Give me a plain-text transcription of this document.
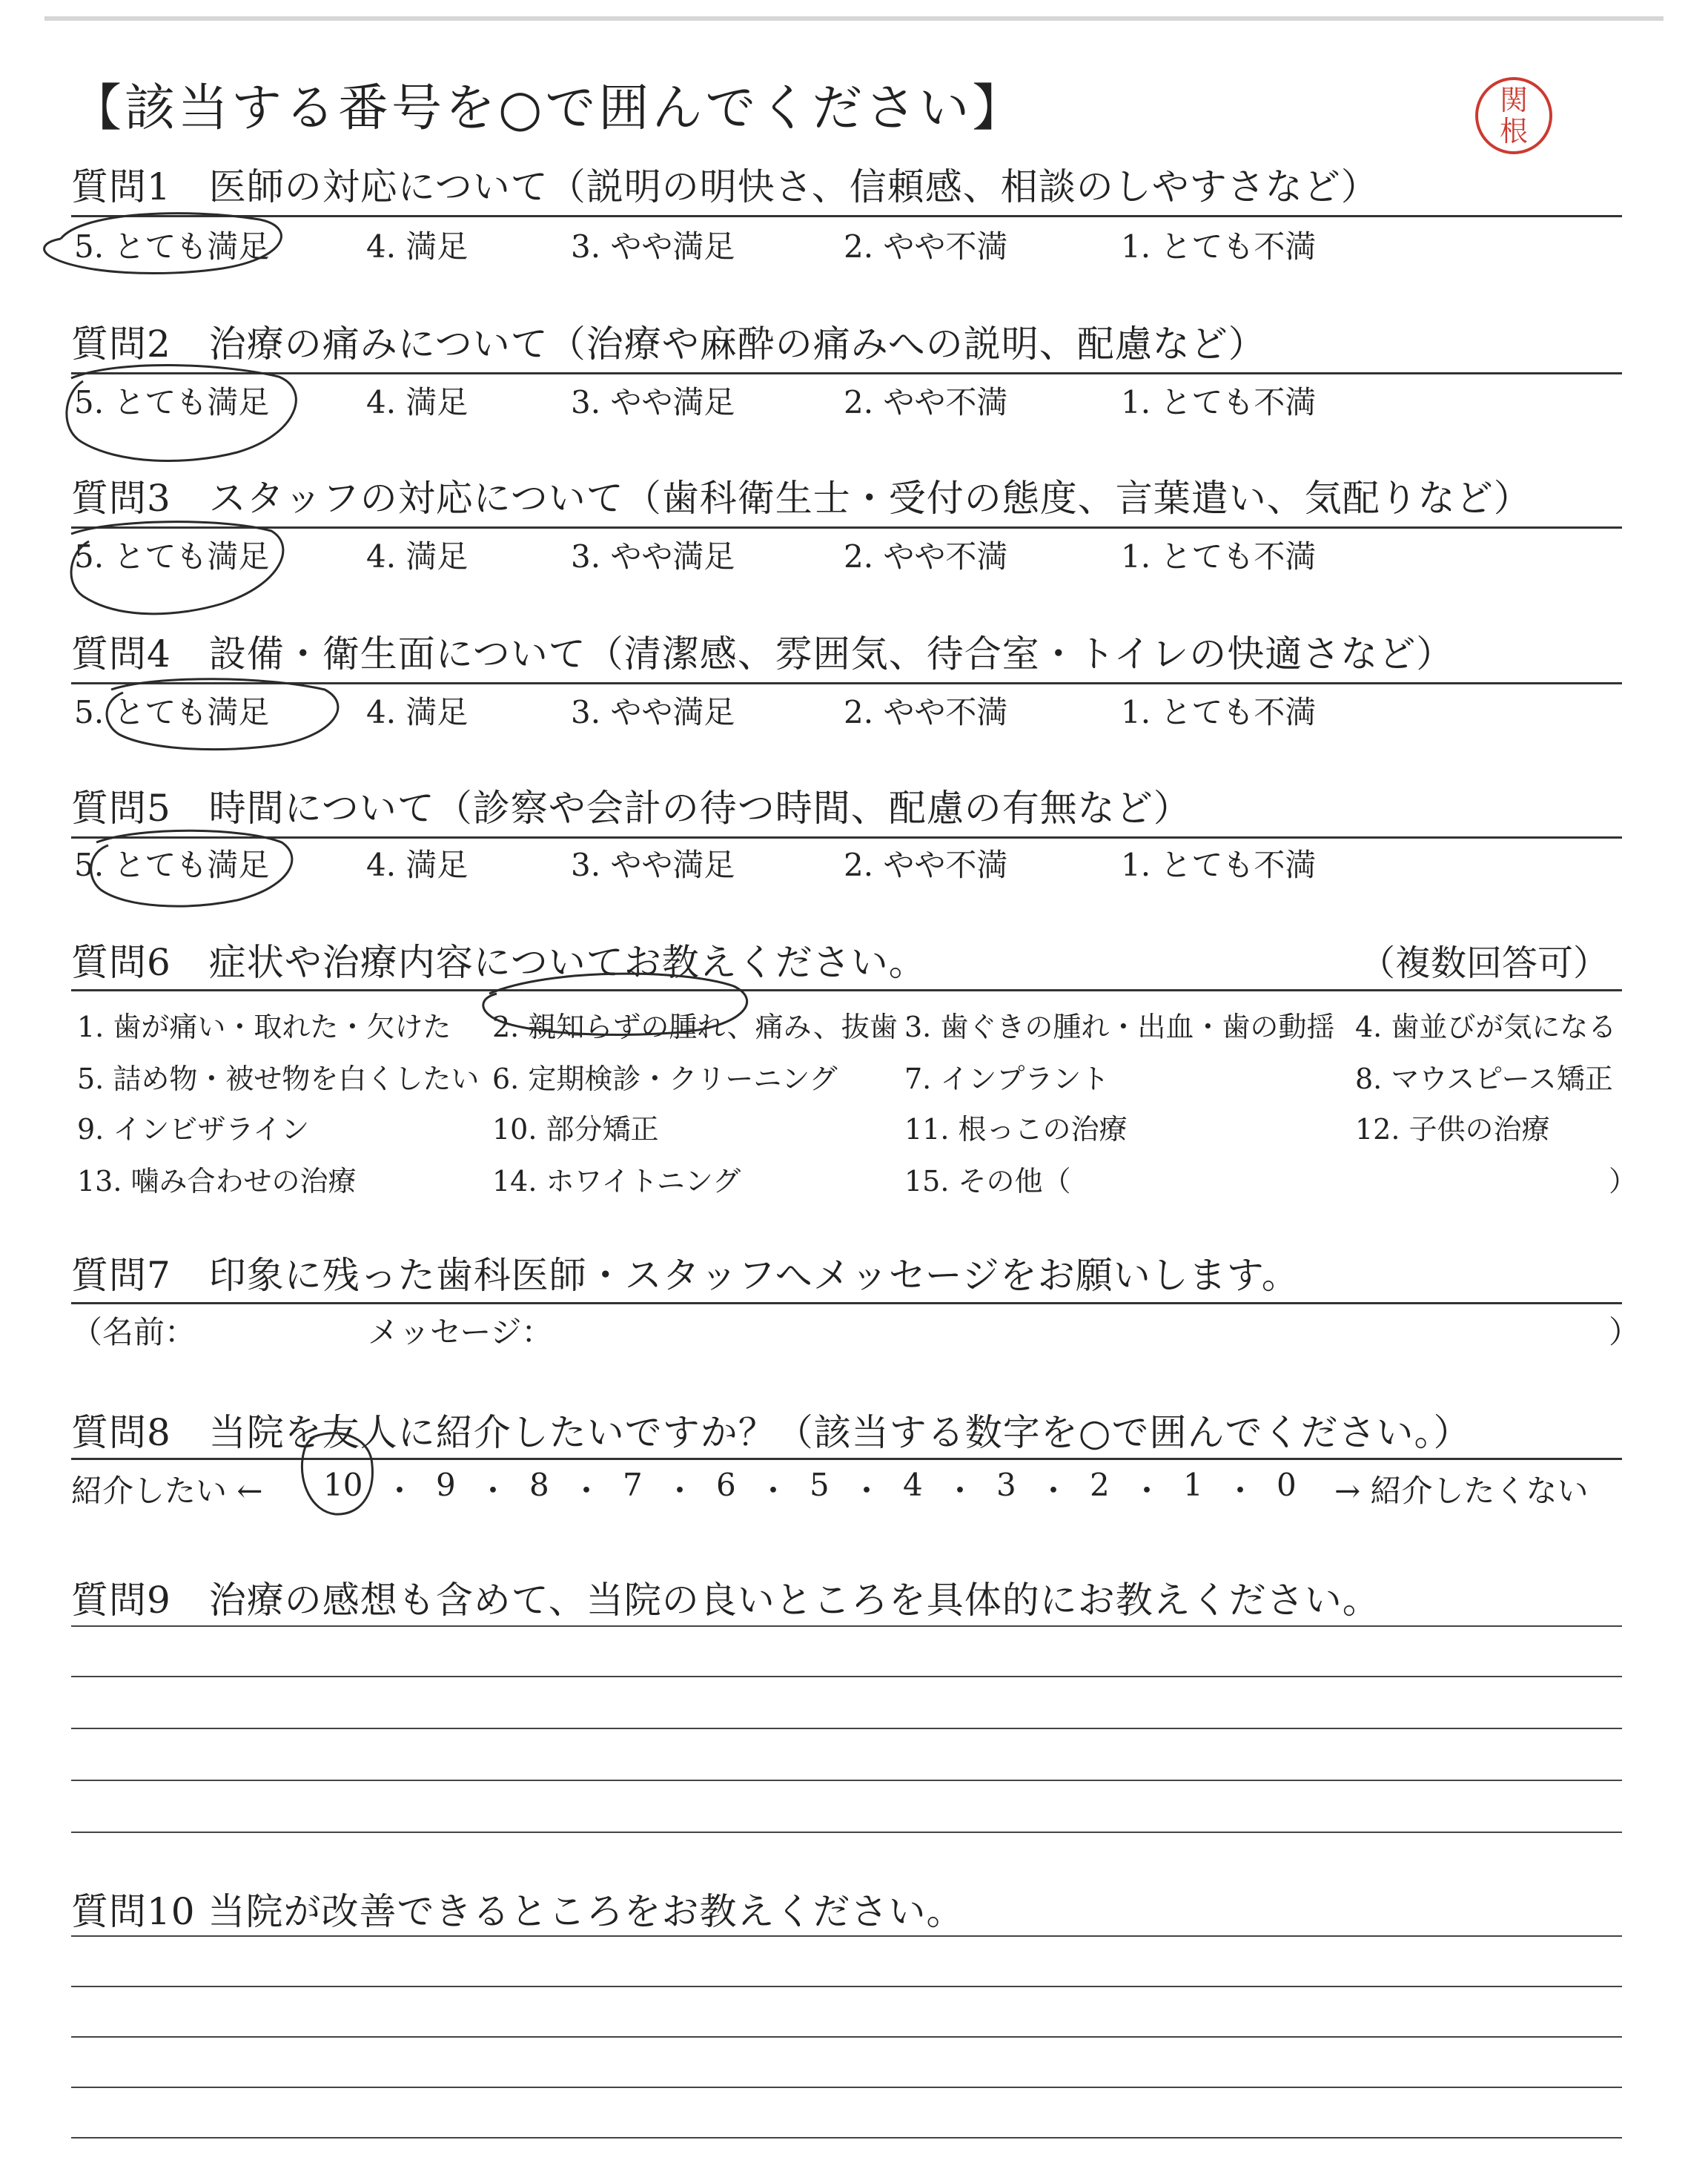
【該当する番号を○で囲んでください】	関
根
質問1　医師の対応について（説明の明快さ、信頼感、相談のしやすさなど）
5. とても満足	4. 満足	3. やや満足	2. やや不満	1. とても不満
質問2　治療の痛みについて（治療や麻酔の痛みへの説明、配慮など）
5. とても満足	4. 満足	3. やや満足	2. やや不満	1. とても不満
質問3　スタッフの対応について（歯科衛生士・受付の態度、言葉遣い、気配りなど）
5. とても満足	4. 満足	3. やや満足	2. やや不満	1. とても不満
質問4　設備・衛生面について（清潔感、雰囲気、待合室・トイレの快適さなど）
5. とても満足	4. 満足	3. やや満足	2. やや不満	1. とても不満
質問5　時間について（診察や会計の待つ時間、配慮の有無など）
5. とても満足	4. 満足	3. やや満足	2. やや不満	1. とても不満
質問6　症状や治療内容についてお教えください。	（複数回答可）
1. 歯が痛い・取れた・欠けた 2. 親知らずの腫れ、痛み、抜歯 3. 歯ぐきの腫れ・出血・歯の動揺 4. 歯並びが気になる
5. 詰め物・被せ物を白くしたい 6. 定期検診・クリーニング 7. インプラント	8. マウスピース矯正
9. インビザライン	10. 部分矯正	11. 根っこの治療	12. 子供の治療
13. 噛み合わせの治療	14. ホワイトニング	15. その他（	）
質問7　印象に残った歯科医師・スタッフへメッセージをお願いします。
（名前：	メッセージ：	）
質問8　当院を友人に紹介したいですか？（該当する数字を○で囲んでください。）
紹介したい ← 10 ・ 9 ・ 8 ・ 7 ・ 6 ・ 5 ・ 4 ・ 3 ・ 2 ・ 1 ・ 0 → 紹介したくない
質問9　治療の感想も含めて、当院の良いところを具体的にお教えください。
質問10 当院が改善できるところをお教えください。
